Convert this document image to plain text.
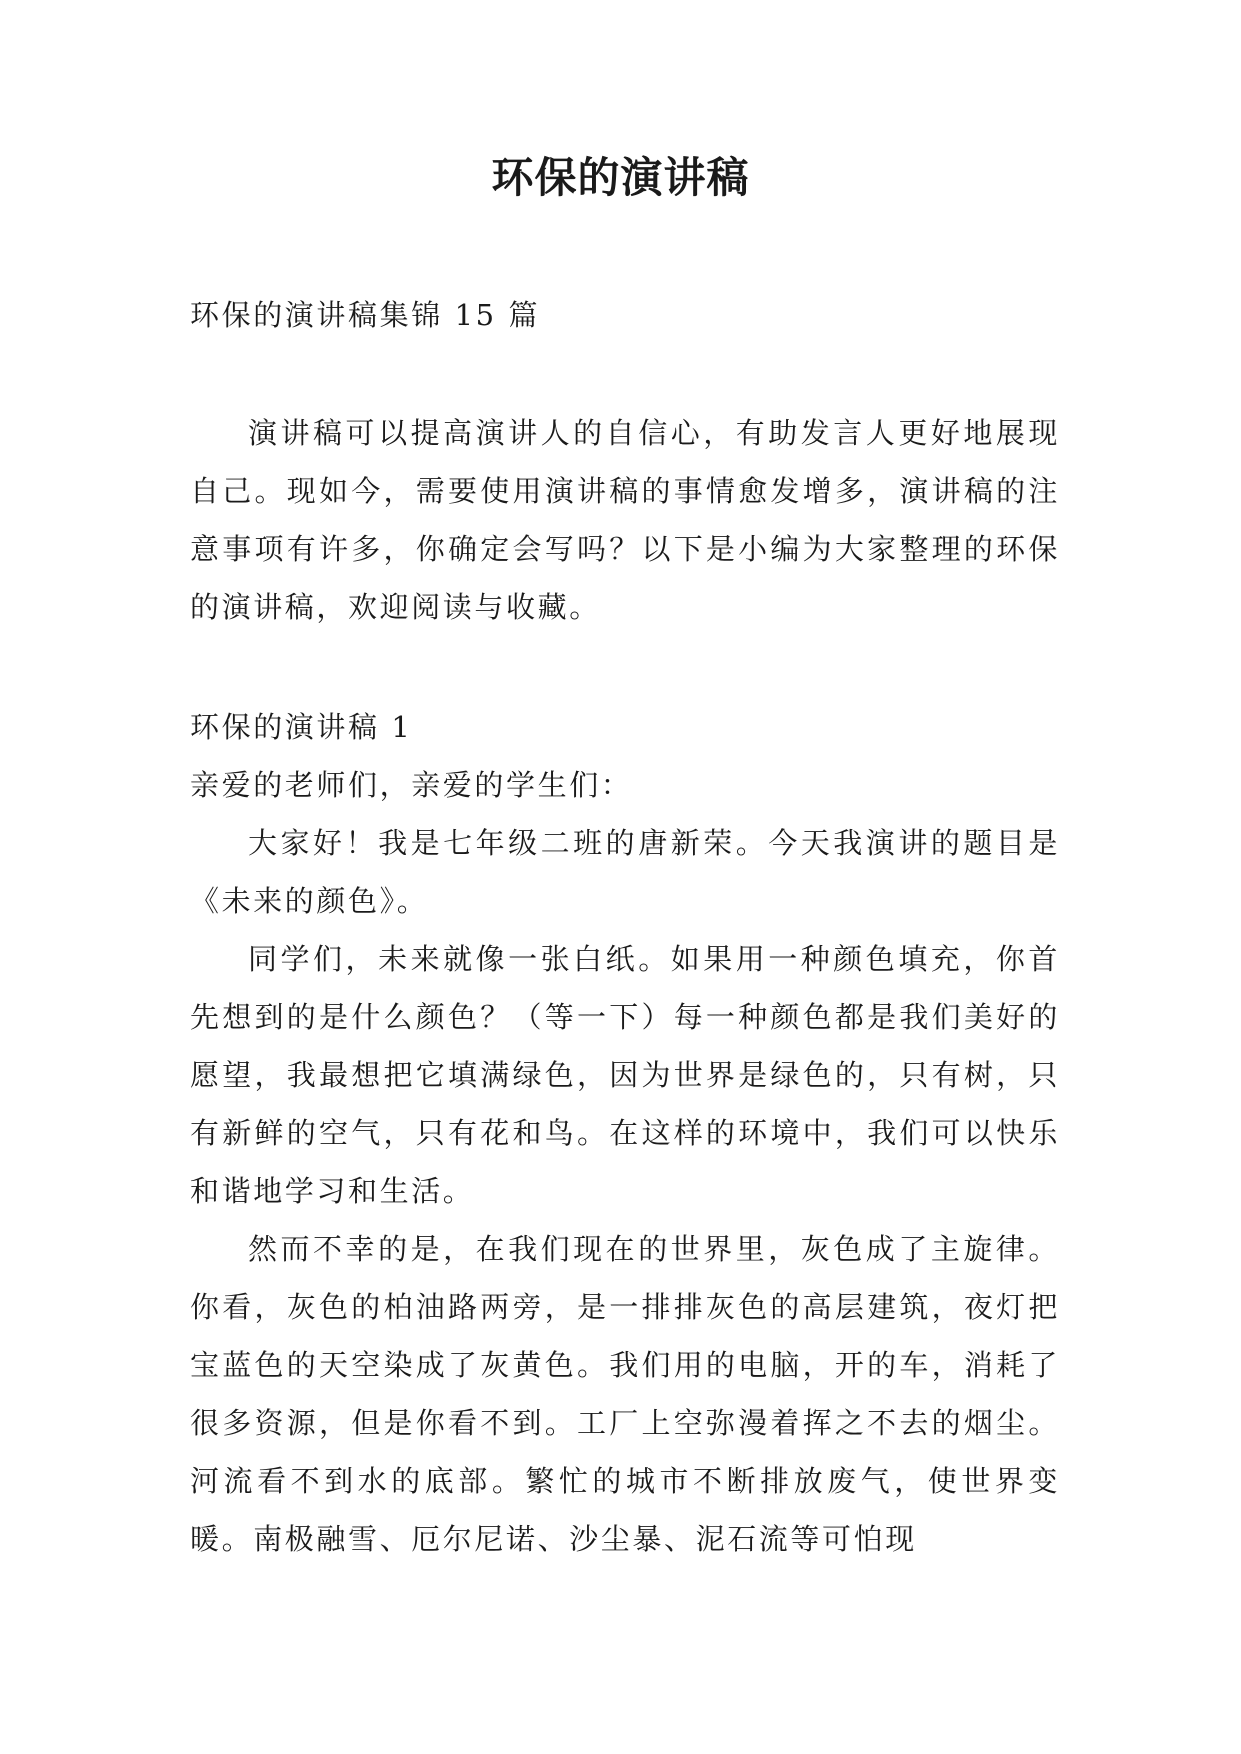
环保的演讲稿
环保的演讲稿集锦 15 篇
演讲稿可以提高演讲人的自信心，有助发言人更好地展现自己。现如今，需要使用演讲稿的事情愈发增多，演讲稿的注意事项有许多，你确定会写吗？以下是小编为大家整理的环保的演讲稿，欢迎阅读与收藏。

环保的演讲稿 1

亲爱的老师们，亲爱的学生们：

大家好！我是七年级二班的唐新荣。今天我演讲的题目是《未来的颜色》。

同学们，未来就像一张白纸。如果用一种颜色填充，你首先想到的是什么颜色？（等一下）每一种颜色都是我们美好的愿望，我最想把它填满绿色，因为世界是绿色的，只有树，只有新鲜的空气，只有花和鸟。在这样的环境中，我们可以快乐和谐地学习和生活。

然而不幸的是，在我们现在的世界里，灰色成了主旋律。你看，灰色的柏油路两旁，是一排排灰色的高层建筑，夜灯把宝蓝色的天空染成了灰黄色。我们用的电脑，开的车，消耗了很多资源，但是你看不到。工厂上空弥漫着挥之不去的烟尘。河流看不到水的底部。繁忙的城市不断排放废气，使世界变暖。南极融雪、厄尔尼诺、沙尘暴、泥石流等可怕现
